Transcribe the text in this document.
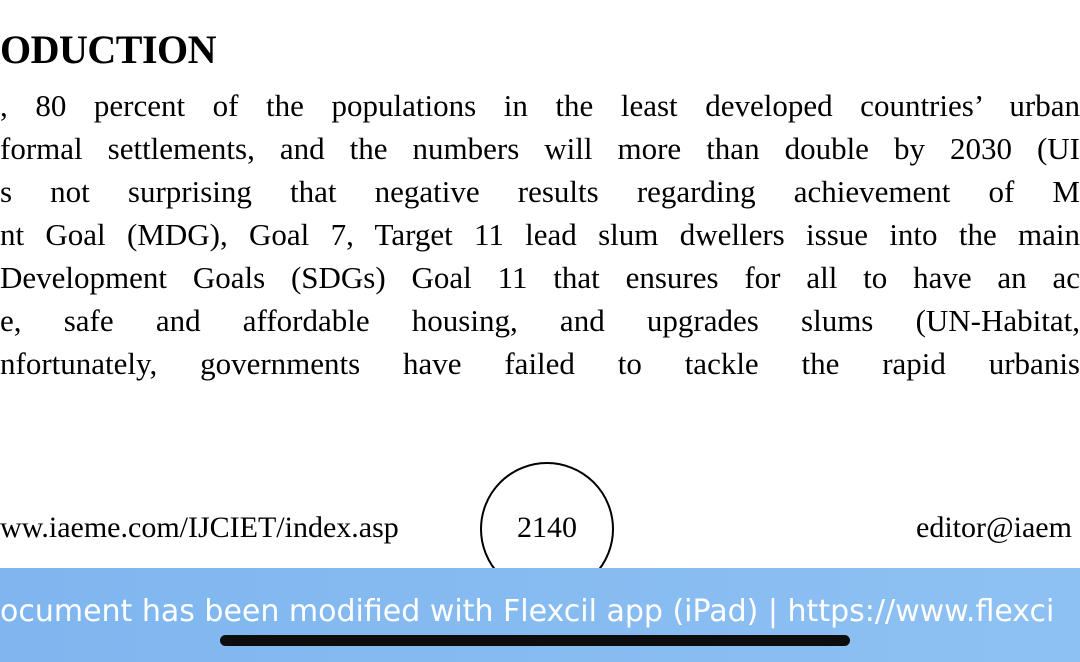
ODUCTION
, 80 percent of the populations in the least developed countries’ urban
formal settlements, and the numbers will more than double by 2030 (UI
s not surprising that negative results regarding achievement of M
nt Goal (MDG), Goal 7, Target 11 lead slum dwellers issue into the main
Development Goals (SDGs) Goal 11 that ensures for all to have an ac
e, safe and affordable housing, and upgrades slums (UN-Habitat,
nfortunately, governments have failed to tackle the rapid urbanis
ww.iaeme.com/IJCIET/index.asp	2140	editor@iaem
ocument has been modified with Flexcil app (iPad) | https://www.flexci
